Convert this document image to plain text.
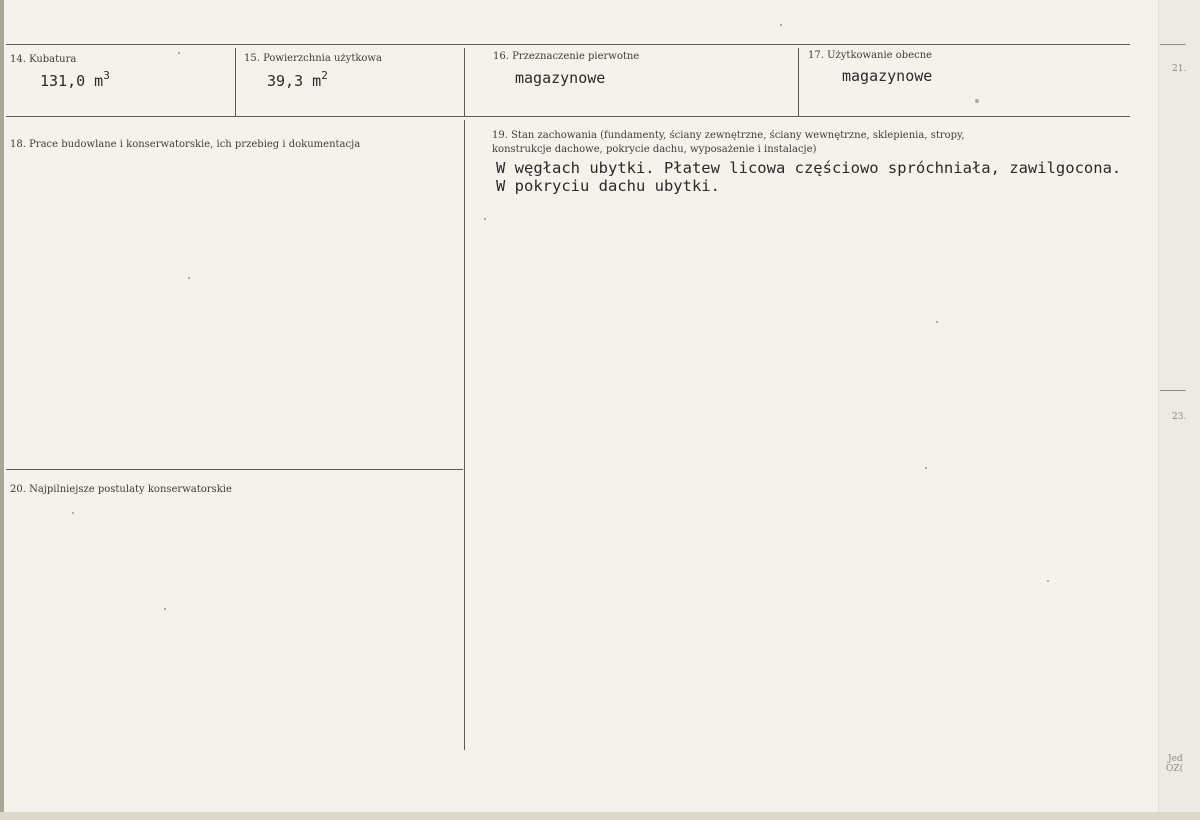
14. Kubatura
131,0 $m^3$
15. Powierzchnia użytkowa
39,3 $m^2$
16. Przeznaczenie pierwotne
magazynowe
17. Użytkowanie obecne
magazynowe
18. Prace budowlane i konserwatorskie, ich przebieg i dokumentacja
19. Stan zachowania (fundamenty, ściany zewnętrzne, ściany wewnętrzne, sklepienia, stropy,
konstrukcje dachowe, pokrycie dachu, wyposażenie i instalacje)
W węgłach ubytki. Płatew licowa częściowo spróchniała, zawilgocona.
W pokryciu dachu ubytki.
20. Najpilniejsze postulaty konserwatorskie
21.
23.
Jed
OZ(
